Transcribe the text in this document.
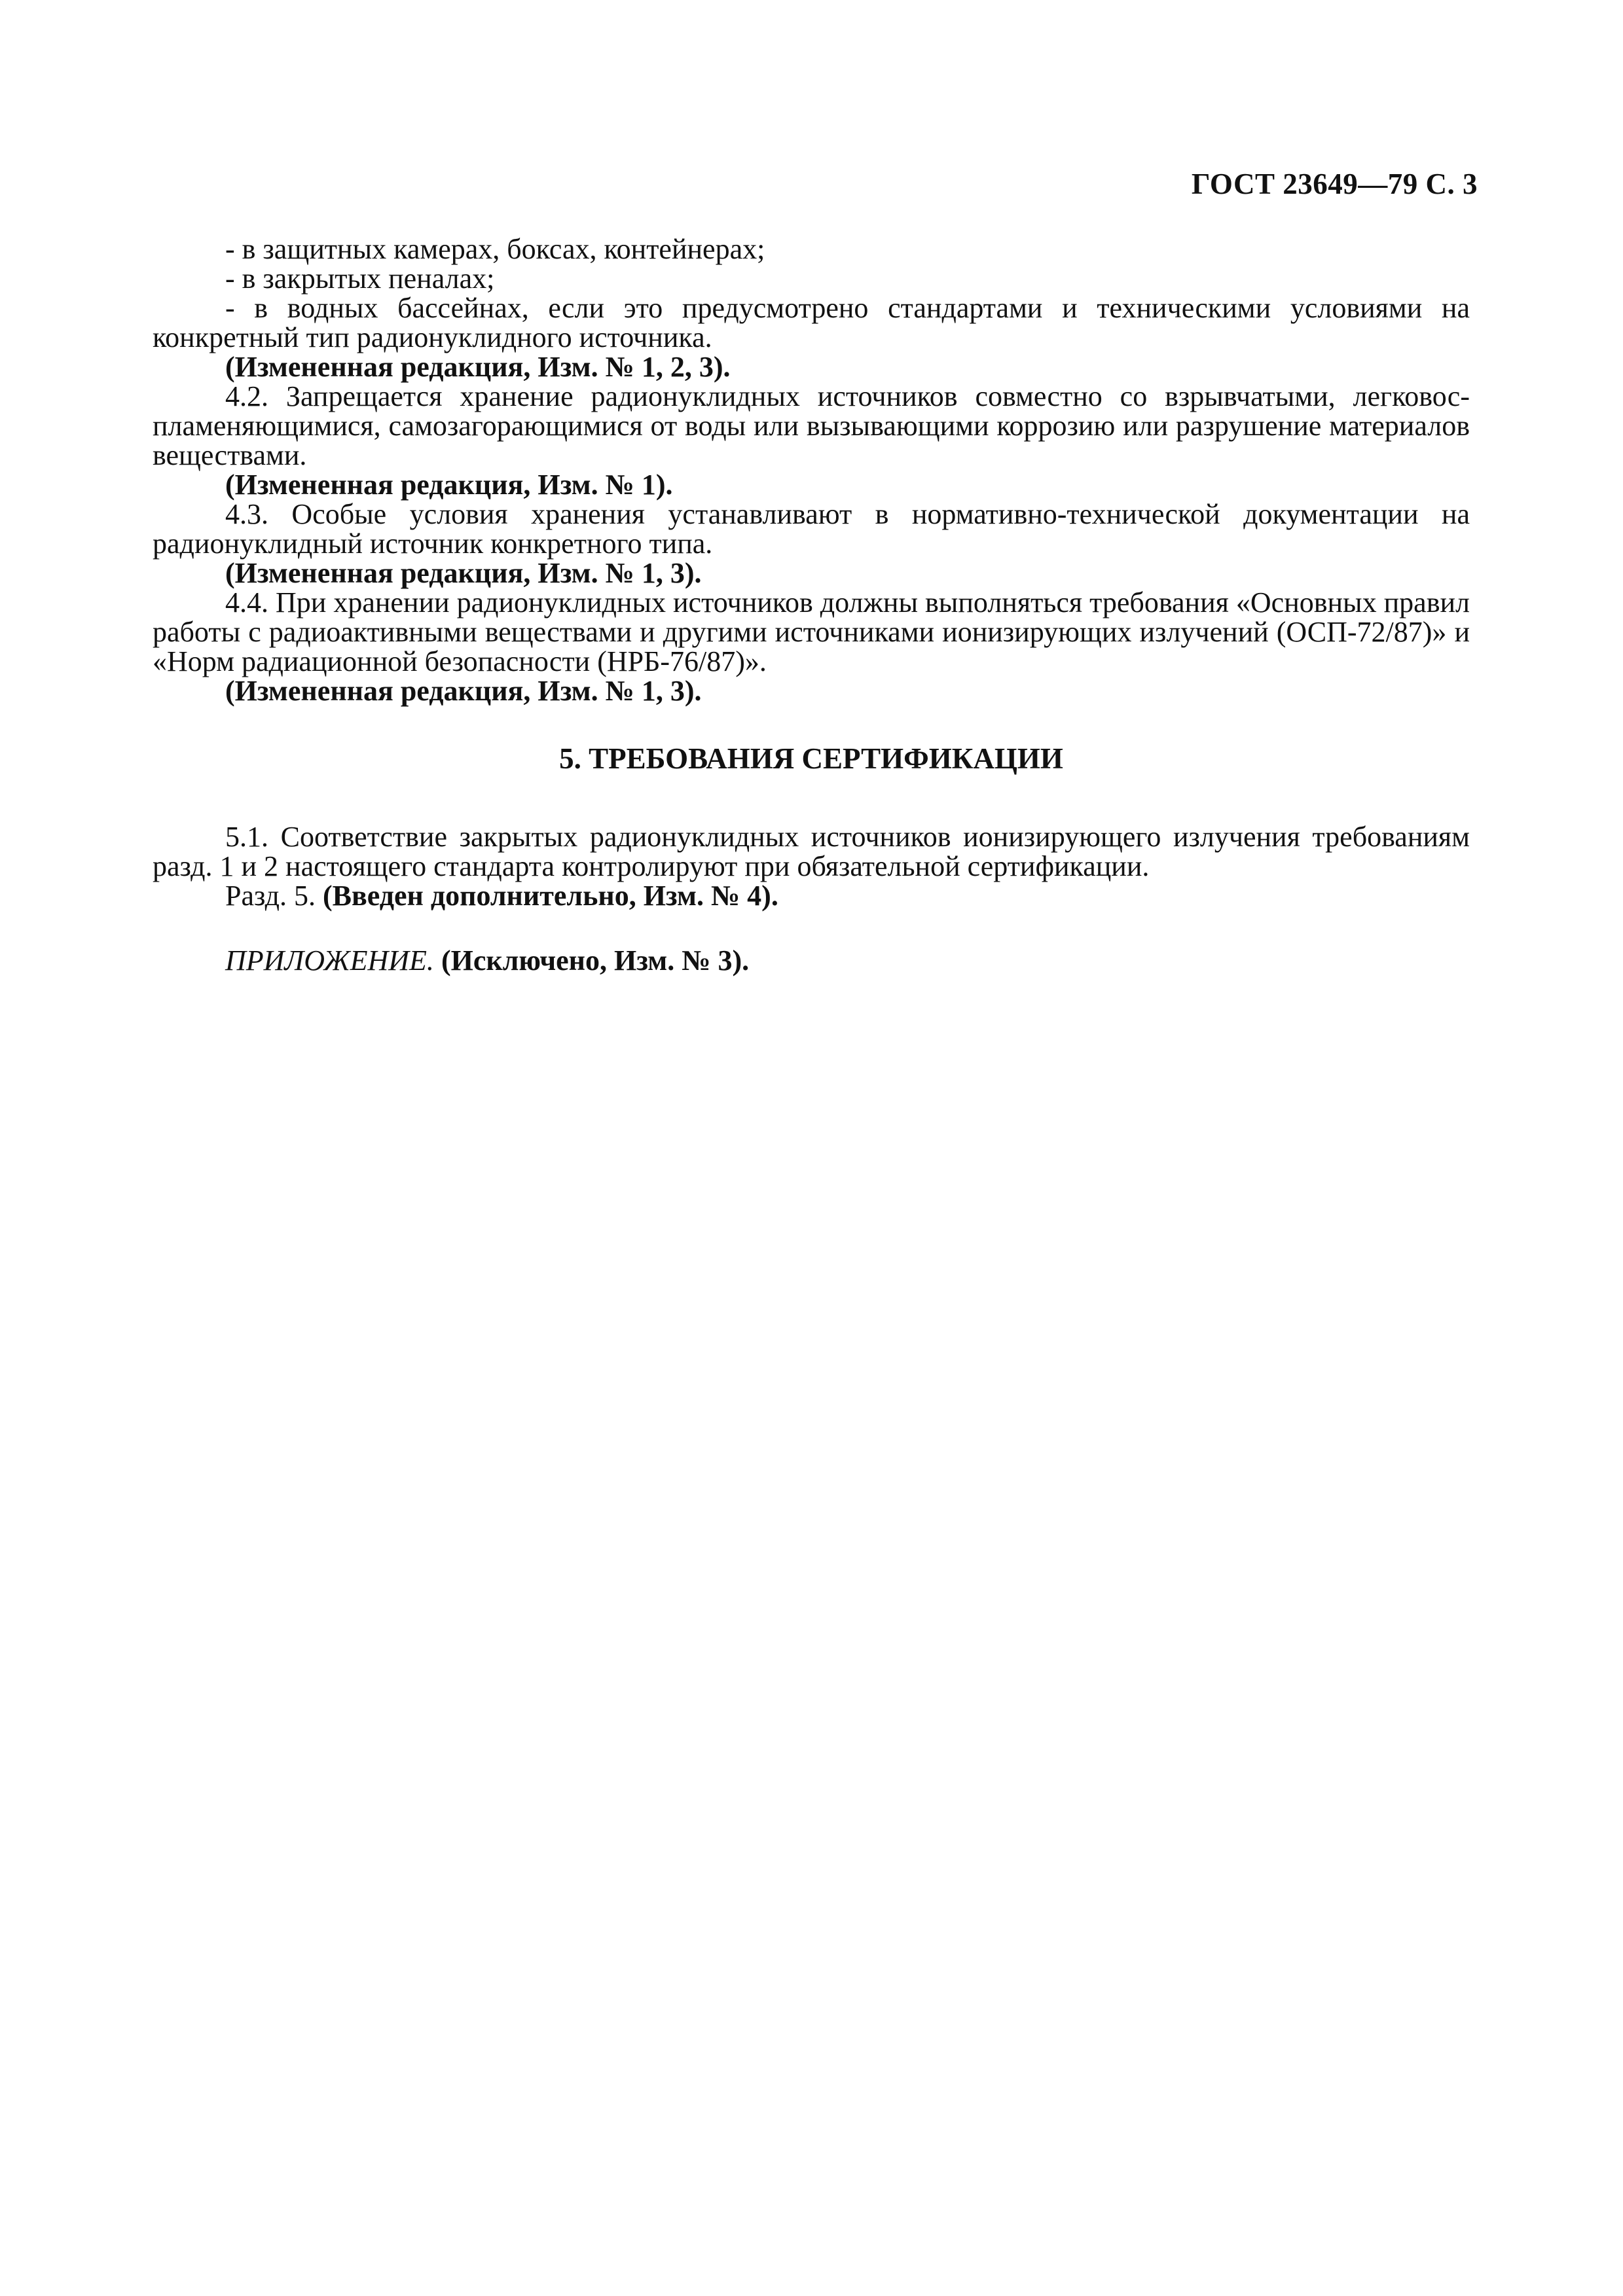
ГОСТ 23649—79 С. 3

- в защитных камерах, боксах, контейнерах;

- в закрытых пеналах;

- в водных бассейнах, если это предусмотрено стандартами и техническими условиями на конкретный тип радионуклидного источника.

(Измененная редакция, Изм. № 1, 2, 3).

4.2. Запрещается хранение радионуклидных источников совместно со взрывчатыми, легковоспламеняющимися, самозагорающимися от воды или вызывающими коррозию или разрушение материалов веществами.

(Измененная редакция, Изм. № 1).

4.3. Особые условия хранения устанавливают в нормативно-технической документации на радионуклидный источник конкретного типа.

(Измененная редакция, Изм. № 1, 3).

4.4. При хранении радионуклидных источников должны выполняться требования «Основных правил работы с радиоактивными веществами и другими источниками ионизирующих излучений (ОСП-72/87)» и «Норм радиационной безопасности (НРБ-76/87)».

(Измененная редакция, Изм. № 1, 3).

5. ТРЕБОВАНИЯ СЕРТИФИКАЦИИ

5.1. Соответствие закрытых радионуклидных источников ионизирующего излучения требованиям разд. 1 и 2 настоящего стандарта контролируют при обязательной сертификации.

Разд. 5. (Введен дополнительно, Изм. № 4).

ПРИЛОЖЕНИЕ. (Исключено, Изм. № 3).
